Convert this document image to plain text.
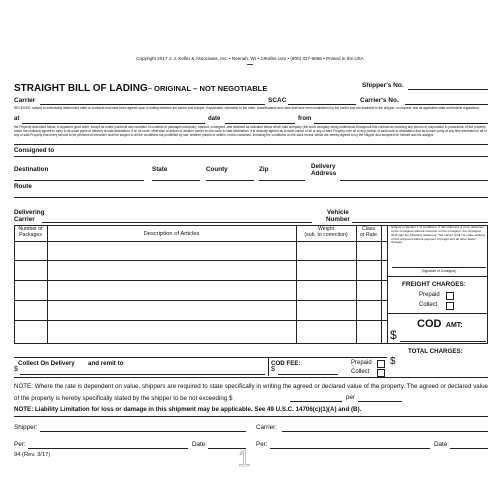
Copyright 2017 J. J. Keller & Associates, Inc. • Neenah, WI • JJKeller.com • (800) 327-6868 • Printed in the USA
STRAIGHT BILL OF LADING– ORIGINAL – NOT NEGOTIABLE	Shipper's No.
Carrier	SCAC	Carrier's No.
RECEIVED, subject to individually determined rates or contracts that have been agreed upon in writing between the carrier and shipper, if applicable, otherwise to the rates, classifications and rules that have been established by the carrier and are available to the shipper, on request; and all applicable state and federal regulations:
at	date	from
the Property described below, in apparent good order, except as noted (contents and condition of contents of packages unknown), marked, consigned, and destined as indicated below which said company (the word company being understood throughout this contract as meaning any person or corporation in possession of the property under the contract) agrees to carry to its usual place of delivery at said destination, if on its route, otherwise to deliver to another carrier on the route to said destination. It is mutually agreed as to each carrier of all or any of said Property over all or any portion of said route to destination and as to each party at any time interested in all or any of said Property that every service to be performed hereunder shall be subject to all the conditions not prohibited by law, whether printed or written, herein contained, including the conditions on the back hereof, which are hereby agreed to by the shipper and accepted for himself and his assigns.
Consigned to
Destination	State	County	Zip	Delivery
Address
Route
Delivering
Carrier
Vehicle
Number
Number of
Packages	Description of Articles
Weight
(sub. to correction)
Class
or Rate
Subject to Section 7 of conditions, if this shipment is to be delivered to the consignee without recourse on the consignor, the consignor shall sign the following statement: The carrier shall not make delivery of this shipment without payment of freight and all other lawful charges.
(Signature of Consignor)
FREIGHT CHARGES:
Prepaid
Collect
COD AMT:
$
TOTAL CHARGES:
$
Collect On Delivery and remit to
$
COD FEE:
$
Prepaid
Collect
NOTE: Where the rate is dependent on value, shippers are required to state specifically in writing the agreed or declared value of the property. The agreed or declared value of the property is hereby specifically stated by the shipper to be not exceeding $	per
NOTE: Liability Limitation for loss or damage in this shipment may be applicable. See 49 U.S.C. 14706(c)(1)(A) and (B).
Shipper:	Carrier:
Per:	Date:	Per:	Date:
94 (Rev. 3/17)	1
